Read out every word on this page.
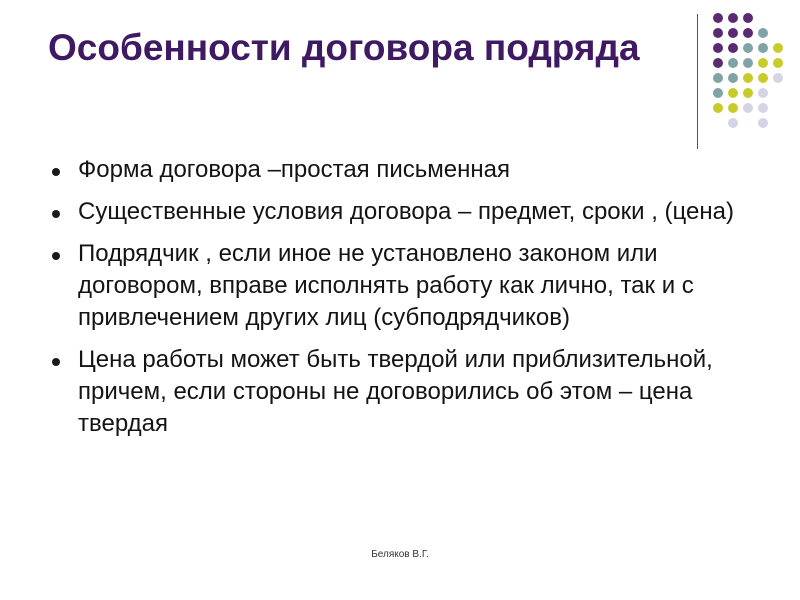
Особенности договора подряда
Форма договора –простая письменная
Существенные условия договора – предмет, сроки , (цена)
Подрядчик , если иное не установлено законом или договором, вправе исполнять работу как лично, так и с привлечением других лиц (субподрядчиков)
Цена работы может быть твердой или приблизительной, причем, если стороны не договорились об этом – цена твердая
Беляков В.Г.
